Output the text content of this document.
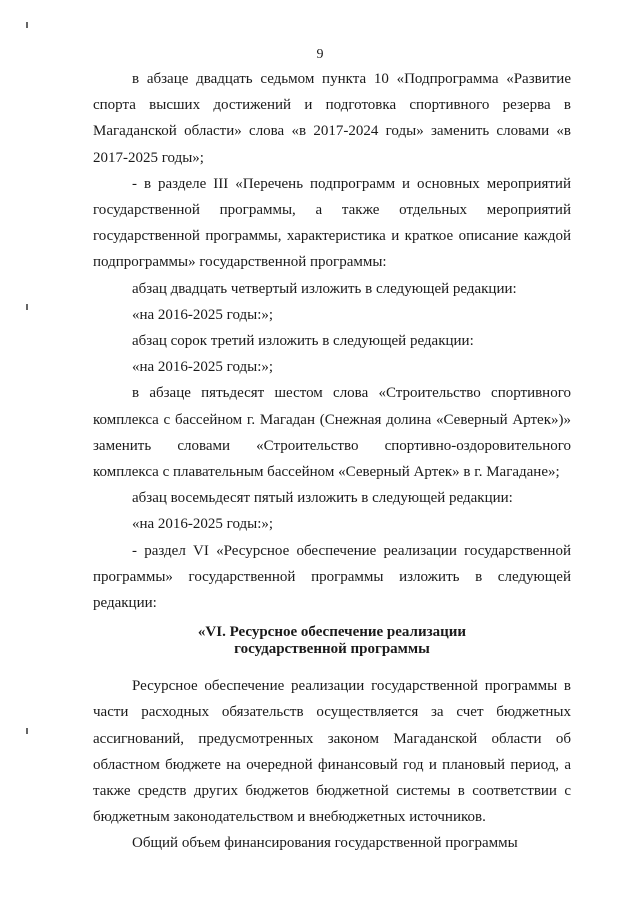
9

в абзаце двадцать седьмом пункта 10 «Подпрограмма «Развитие спорта высших достижений и подготовка спортивного резерва в Магаданской области» слова «в 2017-2024 годы» заменить словами «в 2017-2025 годы»;

- в разделе III «Перечень подпрограмм и основных мероприятий государственной программы, а также отдельных мероприятий государственной программы, характеристика и краткое описание каждой подпрограммы» государственной программы:

абзац двадцать четвертый изложить в следующей редакции:

«на 2016-2025 годы:»;

абзац сорок третий изложить в следующей редакции:

«на 2016-2025 годы:»;

в абзаце пятьдесят шестом слова «Строительство спортивного комплекса с бассейном г. Магадан (Снежная долина «Северный Артек»)» заменить словами «Строительство спортивно-оздоровительного комплекса с плавательным бассейном «Северный Артек» в г. Магадане»;

абзац восемьдесят пятый изложить в следующей редакции:

«на 2016-2025 годы:»;

- раздел VI «Ресурсное обеспечение реализации государственной программы» государственной программы изложить в следующей редакции:

«VI. Ресурсное обеспечение реализации
государственной программы

Ресурсное обеспечение реализации государственной программы в части расходных обязательств осуществляется за счет бюджетных ассигнований, предусмотренных законом Магаданской области об областном бюджете на очередной финансовый год и плановый период, а также средств других бюджетов бюджетной системы в соответствии с бюджетным законодательством и внебюджетных источников.

Общий объем финансирования государственной программы
